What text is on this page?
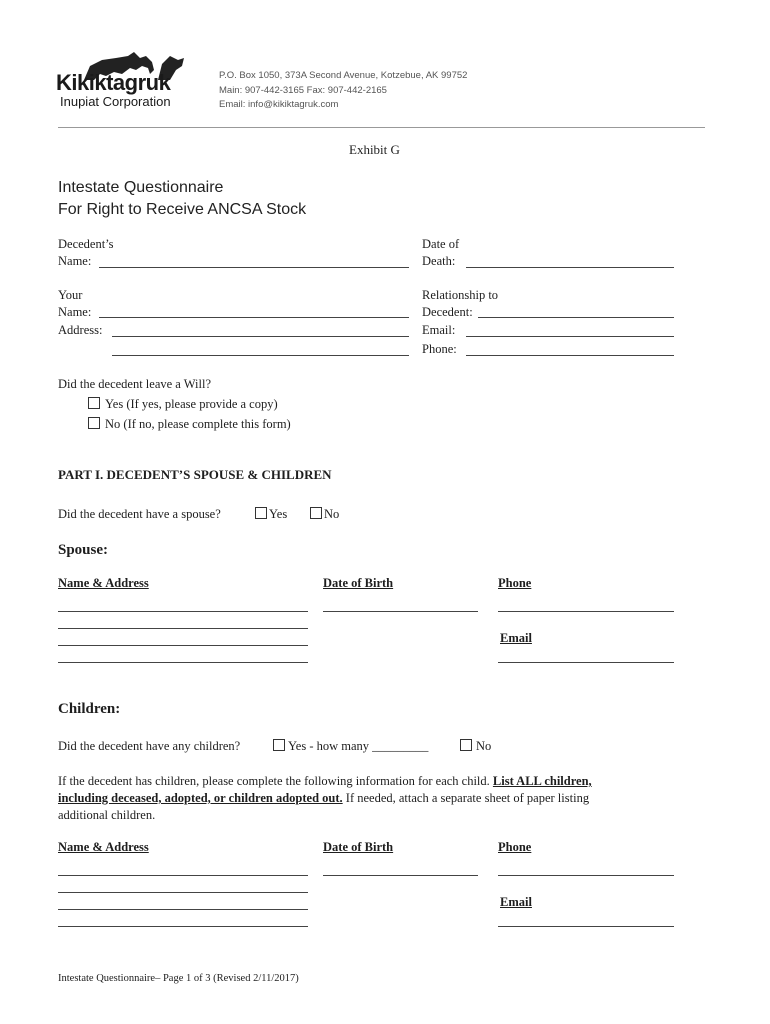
Kikiktagruk
Inupiat Corporation
P.O. Box 1050, 373A Second Avenue, Kotzebue, AK 99752
Main: 907-442-3165 Fax: 907-442-2165
Email: info@kikiktagruk.com
Exhibit G
Intestate Questionnaire
For Right to Receive ANCSA Stock
Decedent’s
Name:
Date of
Death:
Your
Name:
Address:
Relationship to
Decedent:
Email:
Phone:
Did the decedent leave a Will?
Yes (If yes, please provide a copy)
No (If no, please complete this form)
PART I. DECEDENT’S SPOUSE & CHILDREN
Did the decedent have a spouse?	Yes	No
Spouse:
Name & Address	Date of Birth	Phone
Email
Children:
Did the decedent have any children?	Yes - how many _________	No
If the decedent has children, please complete the following information for each child. List ALL children,
including deceased, adopted, or children adopted out. If needed, attach a separate sheet of paper listing
additional children.
Name & Address	Date of Birth	Phone
Email
Intestate Questionnaire– Page 1 of 3 (Revised 2/11/2017)
